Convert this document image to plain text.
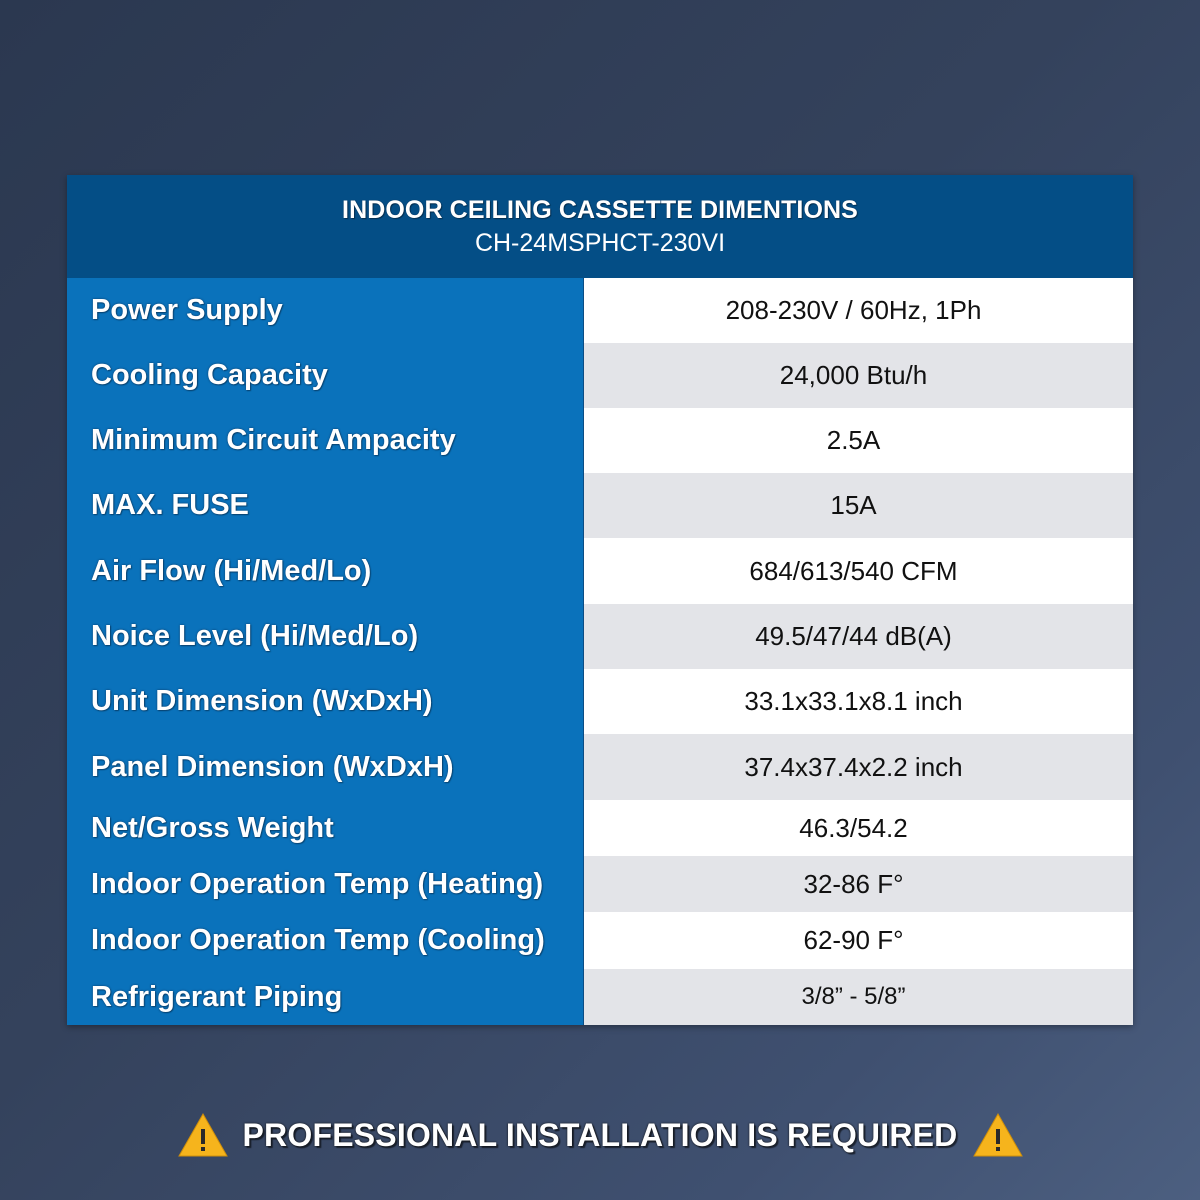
INDOOR CEILING CASSETTE DIMENTIONS
CH-24MSPHCT-230VI
Power Supply	208-230V / 60Hz, 1Ph
Cooling Capacity	24,000 Btu/h
Minimum Circuit Ampacity	2.5A
MAX. FUSE	15A
Air Flow (Hi/Med/Lo)	684/613/540 CFM
Noice Level (Hi/Med/Lo)	49.5/47/44 dB(A)
Unit Dimension (WxDxH)	33.1x33.1x8.1 inch
Panel Dimension (WxDxH)	37.4x37.4x2.2 inch
Net/Gross Weight	46.3/54.2
Indoor Operation Temp (Heating)	32-86 F°
Indoor Operation Temp (Cooling)	62-90 F°
Refrigerant Piping	3/8” - 5/8”
PROFESSIONAL INSTALLATION IS REQUIRED
